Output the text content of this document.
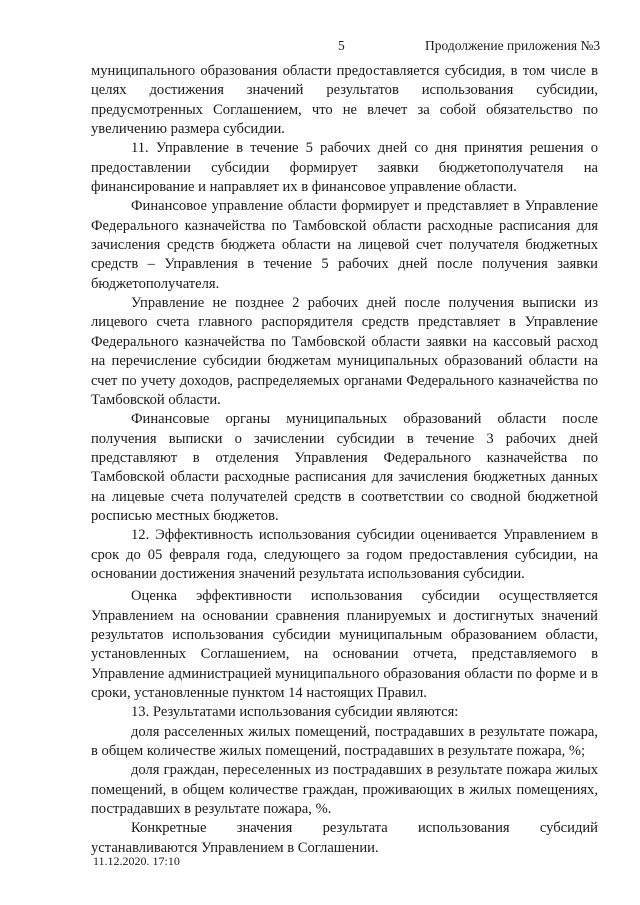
5	Продолжение приложения №3

муниципального образования области предоставляется субсидия, в том числе в целях достижения значений результатов использования субсидии, предусмотренных Соглашением, что не влечет за собой обязательство по увеличению размера субсидии.

11. Управление в течение 5 рабочих дней со дня принятия решения о предоставлении субсидии формирует заявки бюджетополучателя на финансирование и направляет их в финансовое управление области.

Финансовое управление области формирует и представляет в Управление Федерального казначейства по Тамбовской области расходные расписания для зачисления средств бюджета области на лицевой счет получателя бюджетных средств – Управления в течение 5 рабочих дней после получения заявки бюджетополучателя.

Управление не позднее 2 рабочих дней после получения выписки из лицевого счета главного распорядителя средств представляет в Управление Федерального казначейства по Тамбовской области заявки на кассовый расход на перечисление субсидии бюджетам муниципальных образований области на счет по учету доходов, распределяемых органами Федерального казначейства по Тамбовской области.

Финансовые органы муниципальных образований области после получения выписки о зачислении субсидии в течение 3 рабочих дней представляют в отделения Управления Федерального казначейства по Тамбовской области расходные расписания для зачисления бюджетных данных на лицевые счета получателей средств в соответствии со сводной бюджетной росписью местных бюджетов.

12. Эффективность использования субсидии оценивается Управлением в срок до 05 февраля года, следующего за годом предоставления субсидии, на основании достижения значений результата использования субсидии.

Оценка эффективности использования субсидии осуществляется Управлением на основании сравнения планируемых и достигнутых значений результатов использования субсидии муниципальным образованием области, установленных Соглашением, на основании отчета, представляемого в Управление администрацией муниципального образования области по форме и в сроки, установленные пунктом 14 настоящих Правил.

13. Результатами использования субсидии являются:

доля расселенных жилых помещений, пострадавших в результате пожара, в общем количестве жилых помещений, пострадавших в результате пожара, %;

доля граждан, переселенных из пострадавших в результате пожара жилых помещений, в общем количестве граждан, проживающих в жилых помещениях, пострадавших в результате пожара, %.

Конкретные значения результата использования субсидий устанавливаются Управлением в Соглашении.

11.12.2020. 17:10
